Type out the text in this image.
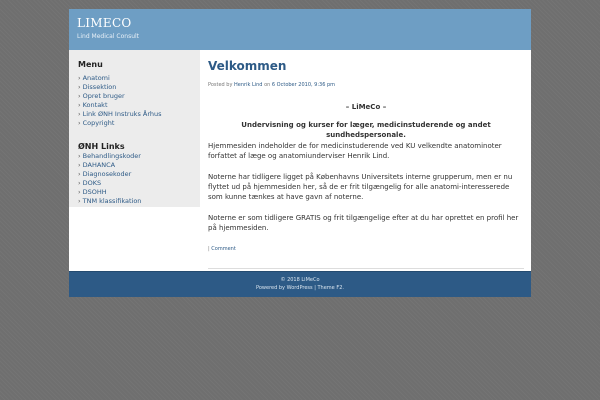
LIMECO
Lind Medical Consult
Menu
› Anatomi
› Dissektion
› Opret bruger
› Kontakt
› Link ØNH Instruks Århus
› Copyright
ØNH Links
› Behandlingskoder
› DAHANCA
› Diagnosekoder
› DOKS
› DSOHH
› TNM klassifikation
Velkommen
Posted by Henrik Lind on 6 October 2010, 9:36 pm
– LiMeCo –
Undervisning og kurser for læger, medicinstuderende og andet sundhedspersonale.
Hjemmesiden indeholder de for medicinstuderende ved KU velkendte anatominoter forfattet af læge og anatomiunderviser Henrik Lind.
Noterne har tidligere ligget på Københavns Universitets interne grupperum, men er nu flyttet ud på hjemmesiden her, så de er frit tilgængelig for alle anatomi-interesserede som kunne tænkes at have gavn af noterne.
Noterne er som tidligere GRATIS og frit tilgængelige efter at du har oprettet en profil her på hjemmesiden.
| Comment
© 2018 LiMeCo
Powered by WordPress | Theme F2.
